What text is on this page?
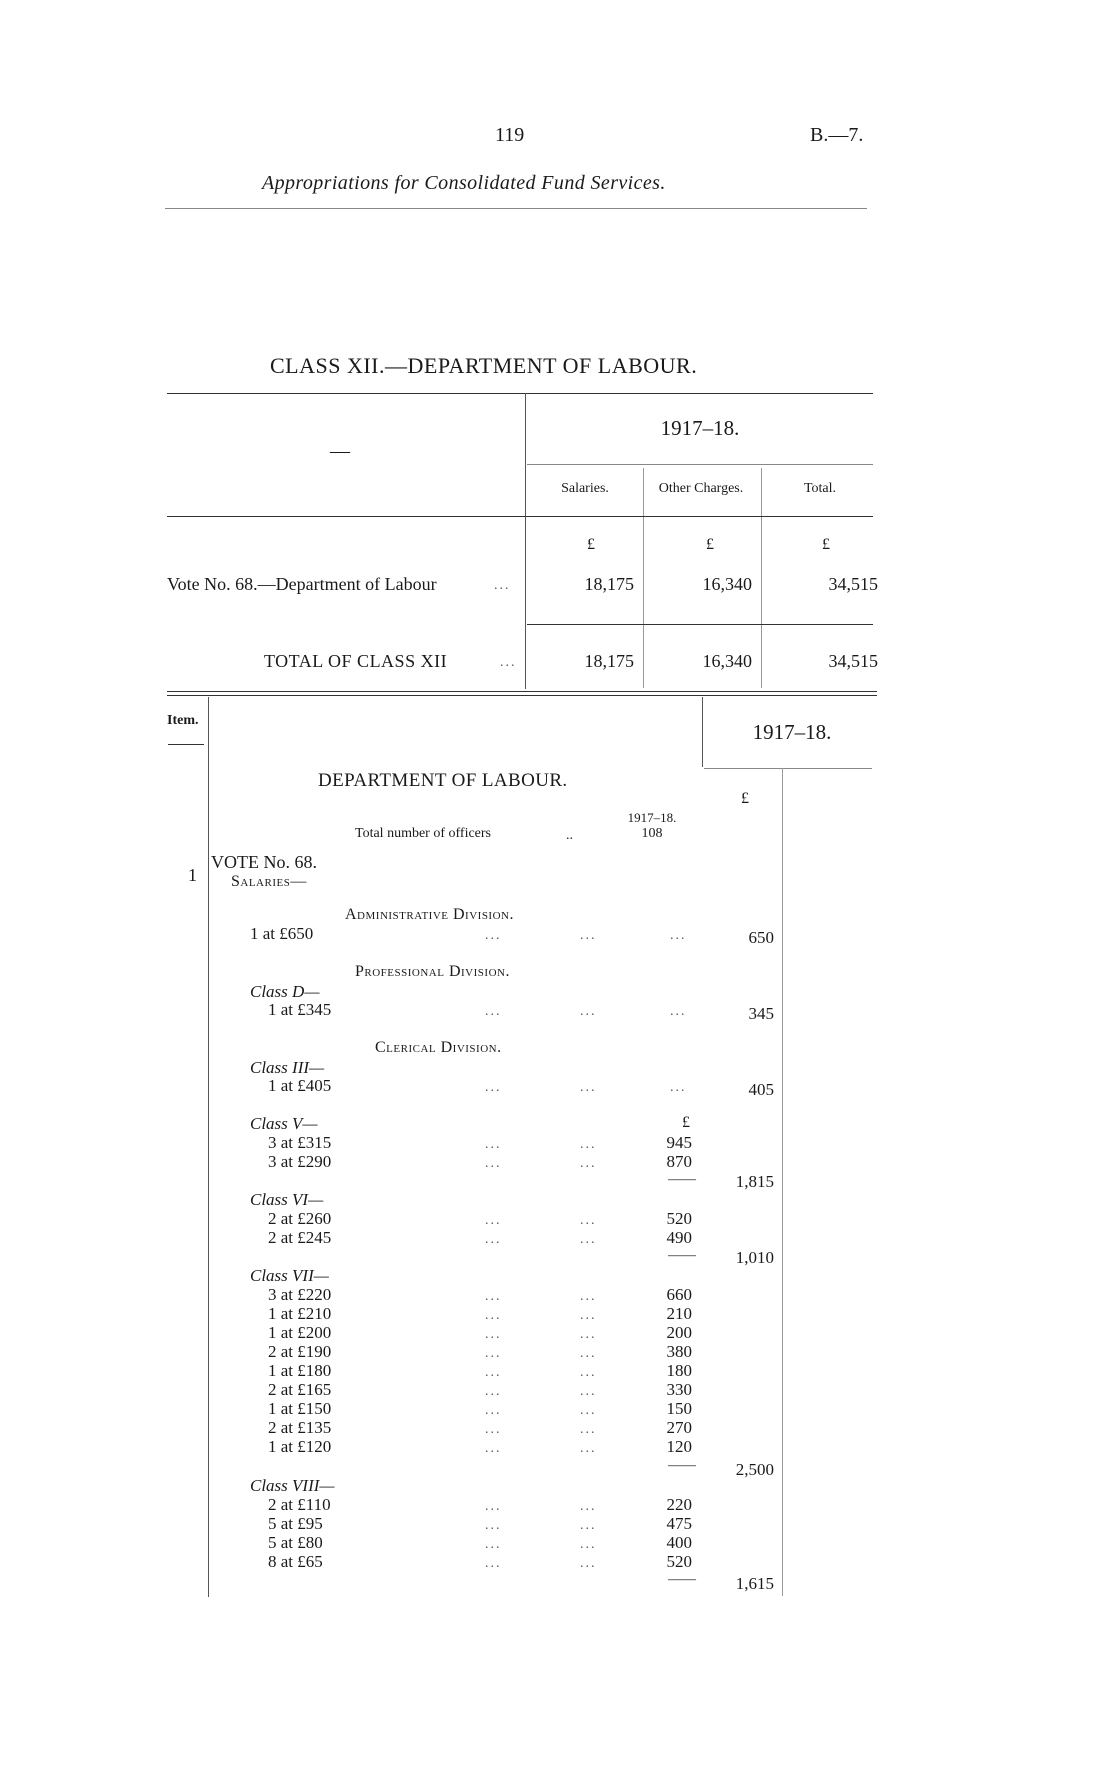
119	B.—7.
Appropriations for Consolidated Fund Services.
CLASS XII.—DEPARTMENT OF LABOUR.
—
1917–18.
Salaries.	Other Charges.	Total.
£	£	£
Vote No. 68.—Department of Labour	...	18,175	16,340	34,515
TOTAL OF CLASS XII	...	18,175	16,340	34,515
Item.	1917–18.
£
DEPARTMENT OF LABOUR.
1917–18.
Total number of officers	..	108
1
VOTE No. 68.
Salaries—
Administrative Division.
1 at £650	...	...	...	650
Professional Division.
Class D—
1 at £345	...	...	...	345
Clerical Division.
Class III—
1 at £405	...	...	...	405
Class V—	£
3 at £315	...	...	945
3 at £290	...	...	870
——	1,815
Class VI—
2 at £260	...	...	520
2 at £245	...	...	490
——	1,010
Class VII—
3 at £220	...	...	660
1 at £210	...	...	210
1 at £200	...	...	200
2 at £190	...	...	380
1 at £180	...	...	180
2 at £165	...	...	330
1 at £150	...	...	150
2 at £135	...	...	270
1 at £120	...	...	120
——	2,500
Class VIII—
2 at £110	...	...	220
5 at £95	...	...	475
5 at £80	...	...	400
8 at £65	...	...	520
——	1,615
